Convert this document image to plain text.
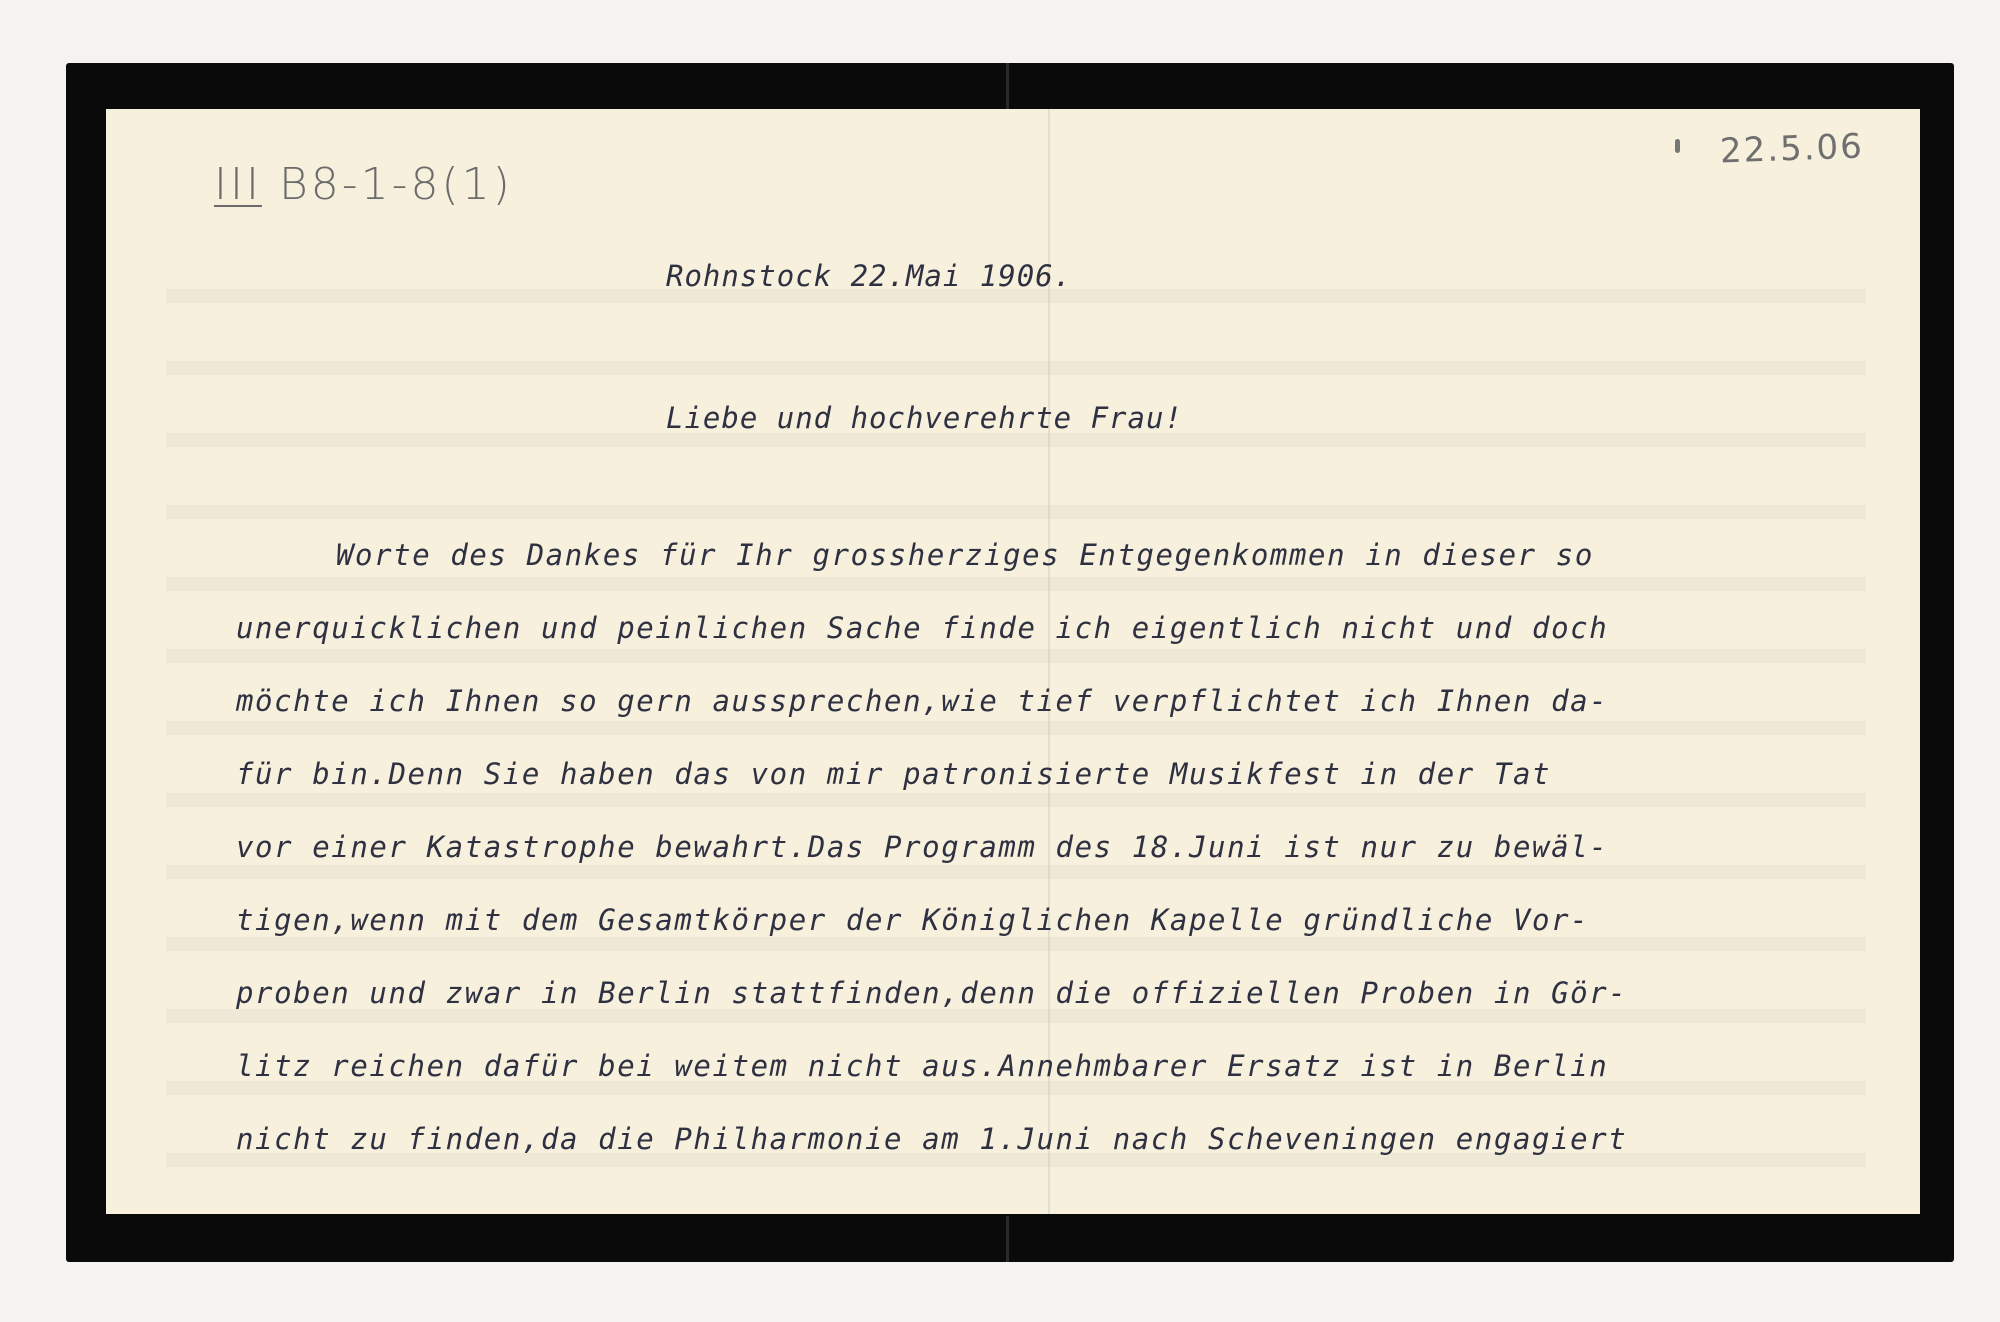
III B8-1-8(1)
22.5.06
Rohnstock 22.Mai 1906.
Liebe und hochverehrte Frau!
Worte des Dankes für Ihr grossherziges Entgegenkommen in dieser so
unerquicklichen und peinlichen Sache finde ich eigentlich nicht und doch
möchte ich Ihnen so gern aussprechen,wie tief verpflichtet ich Ihnen da-
für bin.Denn Sie haben das von mir patronisierte Musikfest in der Tat
vor einer Katastrophe bewahrt.Das Programm des 18.Juni ist nur zu bewäl-
tigen,wenn mit dem Gesamtkörper der Königlichen Kapelle gründliche Vor-
proben und zwar in Berlin stattfinden,denn die offiziellen Proben in Gör-
litz reichen dafür bei weitem nicht aus.Annehmbarer Ersatz ist in Berlin
nicht zu finden,da die Philharmonie am 1.Juni nach Scheveningen engagiert
